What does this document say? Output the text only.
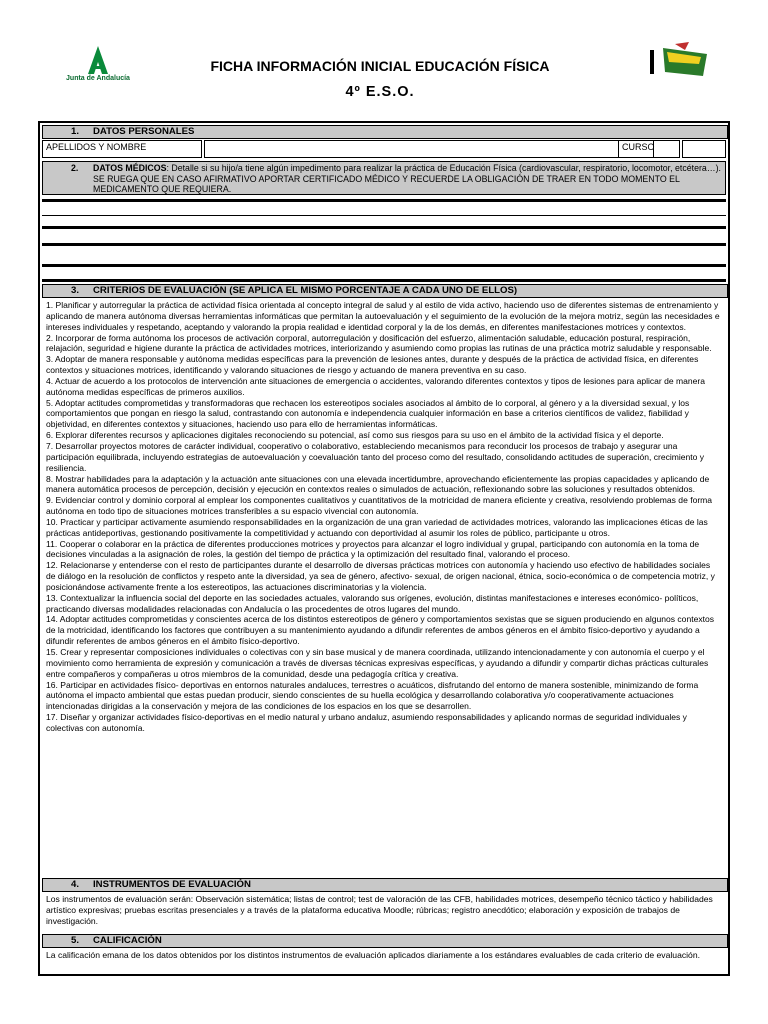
Junta de Andalucía
FICHA INFORMACIÓN INICIAL EDUCACIÓN FÍSICA
4º E.S.O.
1. DATOS PERSONALES
APELLIDOS Y NOMBRE	CURSO
2. DATOS MÉDICOS: Detalle si su hijo/a tiene algún impedimento para realizar la práctica de Educación Física (cardiovascular, respiratorio, locomotor, etcétera…). SE RUEGA QUE EN CASO AFIRMATIVO APORTAR CERTIFICADO MÉDICO Y RECUERDE LA OBLIGACIÓN DE TRAER EN TODO MOMENTO EL MEDICAMENTO QUE REQUIERA.
3. CRITERIOS DE EVALUACIÓN (SE APLICA EL MISMO PORCENTAJE A CADA UNO DE ELLOS)
1. Planificar y autorregular la práctica de actividad física orientada al concepto integral de salud y al estilo de vida activo, haciendo uso de diferentes sistemas de entrenamiento y aplicando de manera autónoma diversas herramientas informáticas que permitan la autoevaluación y el seguimiento de la evolución de la mejora motriz, según las necesidades e intereses individuales y respetando, aceptando y valorando la propia realidad e identidad corporal y la de los demás, en diferentes manifestaciones motrices y contextos.
2. Incorporar de forma autónoma los procesos de activación corporal, autorregulación y dosificación del esfuerzo, alimentación saludable, educación postural, respiración, relajación, seguridad e higiene durante la práctica de actividades motrices, interiorizando y asumiendo como propias las rutinas de una práctica motriz saludable y responsable.
3. Adoptar de manera responsable y autónoma medidas específicas para la prevención de lesiones antes, durante y después de la práctica de actividad física, en diferentes contextos y situaciones motrices, identificando y valorando situaciones de riesgo y actuando de manera preventiva en su caso.
4. Actuar de acuerdo a los protocolos de intervención ante situaciones de emergencia o accidentes, valorando diferentes contextos y tipos de lesiones para aplicar de manera autónoma medidas específicas de primeros auxilios.
5. Adoptar actitudes comprometidas y transformadoras que rechacen los estereotipos sociales asociados al ámbito de lo corporal, al género y a la diversidad sexual, y los comportamientos que pongan en riesgo la salud, contrastando con autonomía e independencia cualquier información en base a criterios científicos de validez, fiabilidad y objetividad, en diferentes contextos y situaciones, haciendo uso para ello de herramientas informáticas.
6. Explorar diferentes recursos y aplicaciones digitales reconociendo su potencial, así como sus riesgos para su uso en el ámbito de la actividad física y el deporte.
7. Desarrollar proyectos motores de carácter individual, cooperativo o colaborativo, estableciendo mecanismos para reconducir los procesos de trabajo y asegurar una participación equilibrada, incluyendo estrategias de autoevaluación y coevaluación tanto del proceso como del resultado, consolidando actitudes de superación, crecimiento y resiliencia.
8. Mostrar habilidades para la adaptación y la actuación ante situaciones con una elevada incertidumbre, aprovechando eficientemente las propias capacidades y aplicando de manera automática procesos de percepción, decisión y ejecución en contextos reales o simulados de actuación, reflexionando sobre las soluciones y resultados obtenidos.
9. Evidenciar control y dominio corporal al emplear los componentes cualitativos y cuantitativos de la motricidad de manera eficiente y creativa, resolviendo problemas de forma autónoma en todo tipo de situaciones motrices transferibles a su espacio vivencial con autonomía.
10. Practicar y participar activamente asumiendo responsabilidades en la organización de una gran variedad de actividades motrices, valorando las implicaciones éticas de las prácticas antideportivas, gestionando positivamente la competitividad y actuando con deportividad al asumir los roles de público, participante u otros.
11. Cooperar o colaborar en la práctica de diferentes producciones motrices y proyectos para alcanzar el logro individual y grupal, participando con autonomía en la toma de decisiones vinculadas a la asignación de roles, la gestión del tiempo de práctica y la optimización del resultado final, valorando el proceso.
12. Relacionarse y entenderse con el resto de participantes durante el desarrollo de diversas prácticas motrices con autonomía y haciendo uso efectivo de habilidades sociales de diálogo en la resolución de conflictos y respeto ante la diversidad, ya sea de género, afectivo- sexual, de origen nacional, étnica, socio-económica o de competencia motriz, y posicionándose activamente frente a los estereotipos, las actuaciones discriminatorias y la violencia.
13. Contextualizar la influencia social del deporte en las sociedades actuales, valorando sus orígenes, evolución, distintas manifestaciones e intereses económico- políticos, practicando diversas modalidades relacionadas con Andalucía o las procedentes de otros lugares del mundo.
14. Adoptar actitudes comprometidas y conscientes acerca de los distintos estereotipos de género y comportamientos sexistas que se siguen produciendo en algunos contextos de la motricidad, identificando los factores que contribuyen a su mantenimiento ayudando a difundir referentes de ambos géneros en el ámbito físico-deportivo y ayudando a difundir referentes de ambos géneros en el ámbito físico-deportivo.
15. Crear y representar composiciones individuales o colectivas con y sin base musical y de manera coordinada, utilizando intencionadamente y con autonomía el cuerpo y el movimiento como herramienta de expresión y comunicación a través de diversas técnicas expresivas específicas, y ayudando a difundir y compartir dichas prácticas culturales entre compañeros y compañeras u otros miembros de la comunidad, desde una pedagogía crítica y creativa.
16. Participar en actividades físico- deportivas en entornos naturales andaluces, terrestres o acuáticos, disfrutando del entorno de manera sostenible, minimizando de forma autónoma el impacto ambiental que estas puedan producir, siendo conscientes de su huella ecológica y desarrollando colaborativa y/o cooperativamente actuaciones intencionadas dirigidas a la conservación y mejora de las condiciones de los espacios en los que se desarrollen.
17. Diseñar y organizar actividades físico-deportivas en el medio natural y urbano andaluz, asumiendo responsabilidades y aplicando normas de seguridad individuales y colectivas con autonomía.
4. INSTRUMENTOS DE EVALUACIÓN
Los instrumentos de evaluación serán: Observación sistemática; listas de control; test de valoración de las CFB, habilidades motrices, desempeño técnico táctico y habilidades artístico expresivas; pruebas escritas presenciales y a través de la plataforma educativa Moodle; rúbricas; registro anecdótico; elaboración y exposición de trabajos de investigación.
5. CALIFICACIÓN
La calificación emana de los datos obtenidos por los distintos instrumentos de evaluación aplicados diariamente a los estándares evaluables de cada criterio de evaluación.
